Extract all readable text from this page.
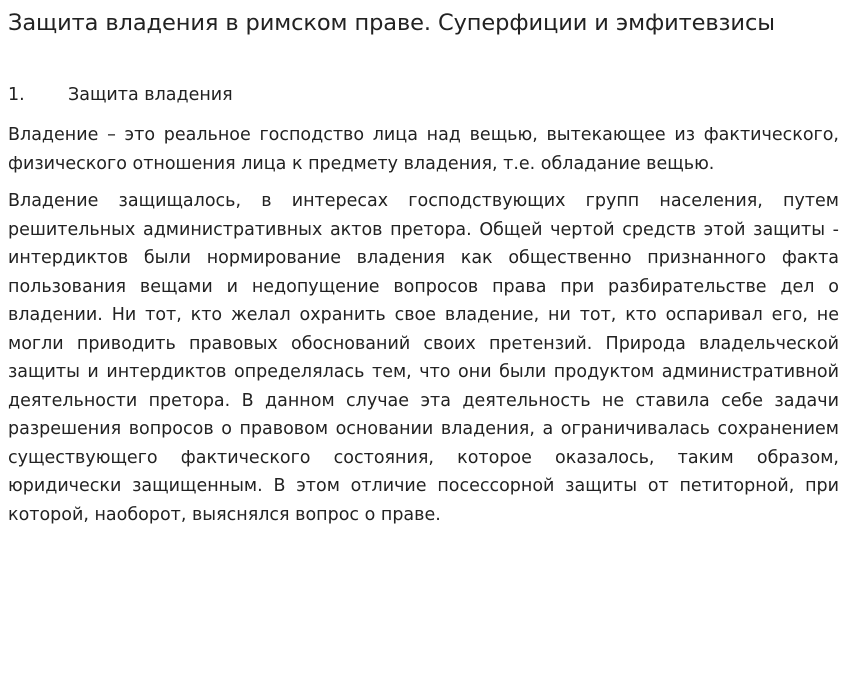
Защита владения в римском праве. Суперфиции и эмфитевзисы
1.	Защита владения

Владение – это реальное господство лица над вещью, вытекающее из фактического, физического отношения лица к предмету владения, т.е. обладание вещью.

Владение защищалось, в интересах господствующих групп населения, путем решительных административных актов претора. Общей чертой средств этой защиты - интердиктов были нормирование владения как общественно признанного факта пользования вещами и недопущение вопросов права при разбирательстве дел о владении. Ни тот, кто желал охранить свое владение, ни тот, кто оспаривал его, не могли приводить правовых обоснований своих претензий. Природа владельческой защиты и интердиктов определялась тем, что они были продуктом административной деятельности претора. В данном случае эта деятельность не ставила себе задачи разрешения вопросов о правовом основании владения, а ограничивалась сохранением существующего фактического состояния, которое оказалось, таким образом, юридически защищенным. В этом отличие посессорной защиты от петиторной, при которой, наоборот, выяснялся вопрос о праве.
